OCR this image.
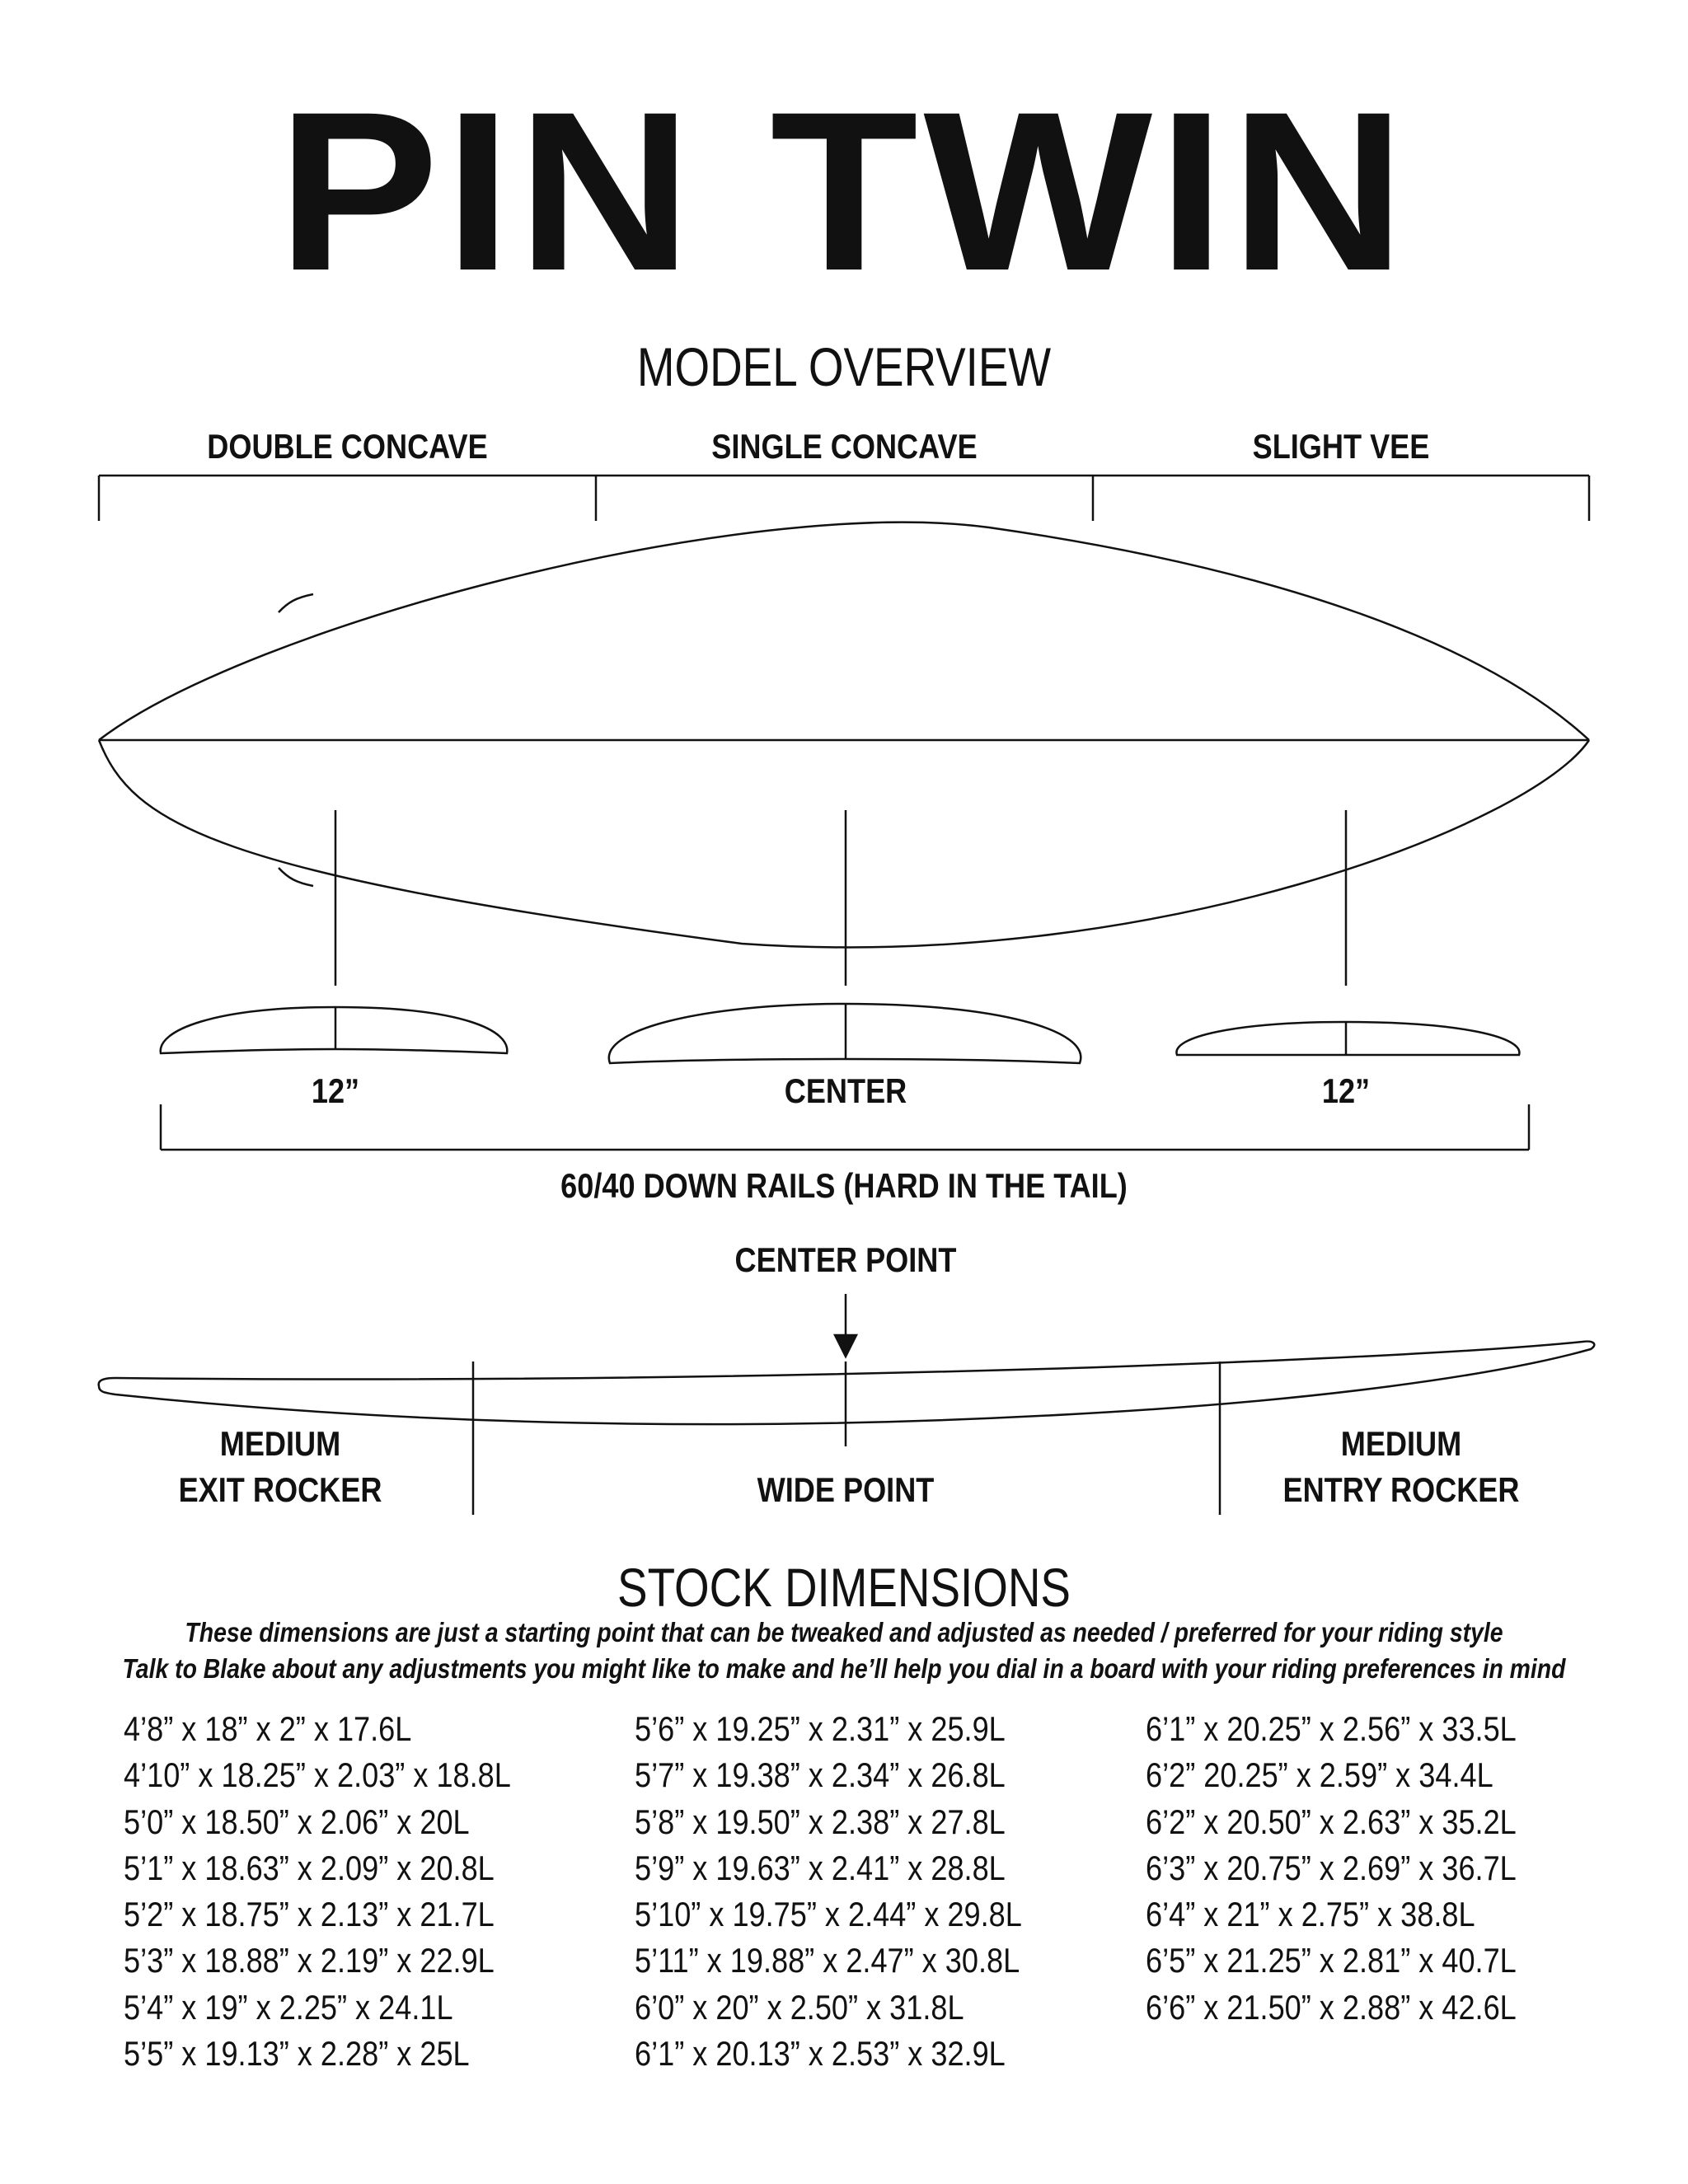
PIN TWIN
MODEL OVERVIEW
DOUBLE CONCAVE	SINGLE CONCAVE	SLIGHT VEE
12”	CENTER	12”
60/40 DOWN RAILS (HARD IN THE TAIL)
CENTER POINT
MEDIUM
EXIT ROCKER	WIDE POINT
MEDIUM
ENTRY ROCKER
STOCK DIMENSIONS
These dimensions are just a starting point that can be tweaked and adjusted as needed / preferred for your riding style
Talk to Blake about any adjustments you might like to make and he’ll help you dial in a board with your riding preferences in mind
4’8” x 18” x 2” x 17.6L
4’10” x 18.25” x 2.03” x 18.8L
5’0” x 18.50” x 2.06” x 20L
5’1” x 18.63” x 2.09” x 20.8L
5’2” x 18.75” x 2.13” x 21.7L
5’3” x 18.88” x 2.19” x 22.9L
5’4” x 19” x 2.25” x 24.1L
5’5” x 19.13” x 2.28” x 25L
5’6” x 19.25” x 2.31” x 25.9L
5’7” x 19.38” x 2.34” x 26.8L
5’8” x 19.50” x 2.38” x 27.8L
5’9” x 19.63” x 2.41” x 28.8L
5’10” x 19.75” x 2.44” x 29.8L
5’11” x 19.88” x 2.47” x 30.8L
6’0” x 20” x 2.50” x 31.8L
6’1” x 20.13” x 2.53” x 32.9L
6’1” x 20.25” x 2.56” x 33.5L
6’2” 20.25” x 2.59” x 34.4L
6’2” x 20.50” x 2.63” x 35.2L
6’3” x 20.75” x 2.69” x 36.7L
6’4” x 21” x 2.75” x 38.8L
6’5” x 21.25” x 2.81” x 40.7L
6’6” x 21.50” x 2.88” x 42.6L
